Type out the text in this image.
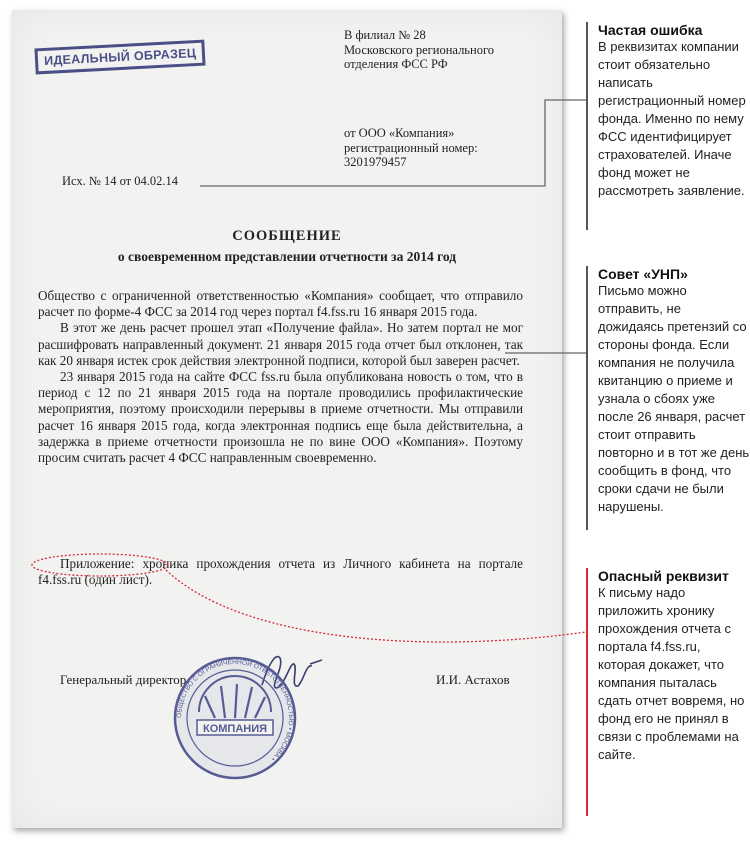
ИДЕАЛЬНЫЙ ОБРАЗЕЦ
В филиал № 28
Московского регионального
отделения ФСС РФ
от ООО «Компания»
регистрационный номер:
3201979457
Исх. № 14 от 04.02.14
СООБЩЕНИЕ
о своевременном представлении отчетности за 2014 год

Общество с ограниченной ответственностью «Компания» сообщает, что отправило расчет по форме-4 ФСС за 2014 год через портал f4.fss.ru 16 января 2015 года.

В этот же день расчет прошел этап «Получение файла». Но затем портал не мог расшифровать направленный документ. 21 января 2015 года отчет был отклонен, так как 20 января истек срок действия электронной подписи, которой был заверен расчет.

23 января 2015 года на сайте ФСС fss.ru была опубликована новость о том, что в период с 12 по 21 января 2015 года на портале проводились профилактические мероприятия, поэтому происходили перерывы в приеме отчетности. Мы отправили расчет 16 января 2015 года, когда электронная подпись еще была действительна, а задержка в приеме отчетности произошла не по вине ООО «Компания». Поэтому просим считать расчет 4 ФСС направленным своевременно.

Приложение: хроника прохождения отчета из Личного кабинета на портале f4.fss.ru (один лист).
Генеральный директор	И.И. Астахов
ОБЩЕСТВО С ОГРАНИЧЕННОЙ ОТВЕТСТВЕННОСТЬЮ • МОСКВА •
КОМПАНИЯ
Частая ошибка
В реквизитах компании стоит обязательно написать регистрационный номер фонда. Именно по нему ФСС идентифицирует страхователей. Иначе фонд может не рассмотреть заявление.
Совет «УНП»
Письмо можно отправить, не дожидаясь претензий со стороны фонда. Если компания не получила квитанцию о приеме и узнала о сбоях уже после 26 января, расчет стоит отправить повторно и в тот же день сообщить в фонд, что сроки сдачи не были нарушены.
Опасный реквизит
К письму надо приложить хронику прохождения отчета с портала f4.fss.ru, которая докажет, что компания пыталась сдать отчет вовремя, но фонд его не принял в связи с проблемами на сайте.
